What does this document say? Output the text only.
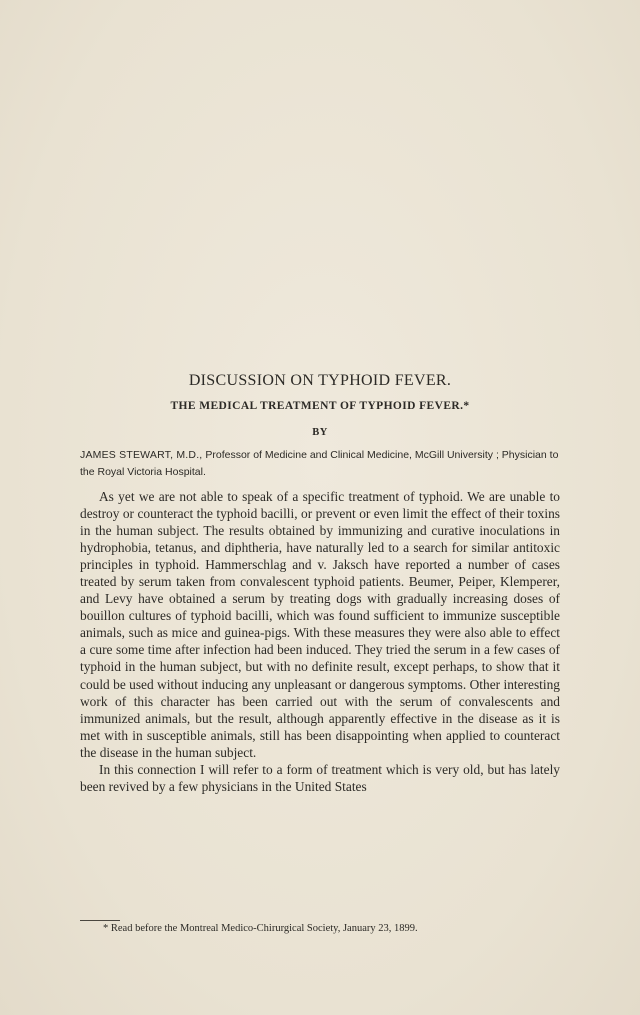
DISCUSSION ON TYPHOID FEVER.
THE MEDICAL TREATMENT OF TYPHOID FEVER.*
BY

JAMES STEWART, M.D., Professor of Medicine and Clinical Medicine, McGill University ; Physician to the Royal Victoria Hospital.

As yet we are not able to speak of a specific treatment of typhoid. We are unable to destroy or counteract the typhoid bacilli, or prevent or even limit the effect of their toxins in the human subject. The results obtained by immunizing and curative inoculations in hydrophobia, tetanus, and diphtheria, have naturally led to a search for similar antitoxic principles in typhoid. Hammerschlag and v. Jaksch have reported a number of cases treated by serum taken from convalescent typhoid patients. Beumer, Peiper, Klemperer, and Levy have obtained a serum by treating dogs with gradually increasing doses of bouillon cultures of typhoid bacilli, which was found sufficient to immunize susceptible animals, such as mice and guinea-pigs. With these measures they were also able to effect a cure some time after infection had been induced. They tried the serum in a few cases of typhoid in the human subject, but with no definite result, except perhaps, to show that it could be used without inducing any unpleasant or dangerous symptoms. Other interesting work of this character has been carried out with the serum of convalescents and immunized animals, but the result, although apparently effective in the disease as it is met with in susceptible animals, still has been disappointing when applied to counteract the disease in the human subject.

In this connection I will refer to a form of treatment which is very old, but has lately been revived by a few physicians in the United States

* Read before the Montreal Medico-Chirurgical Society, January 23, 1899.
